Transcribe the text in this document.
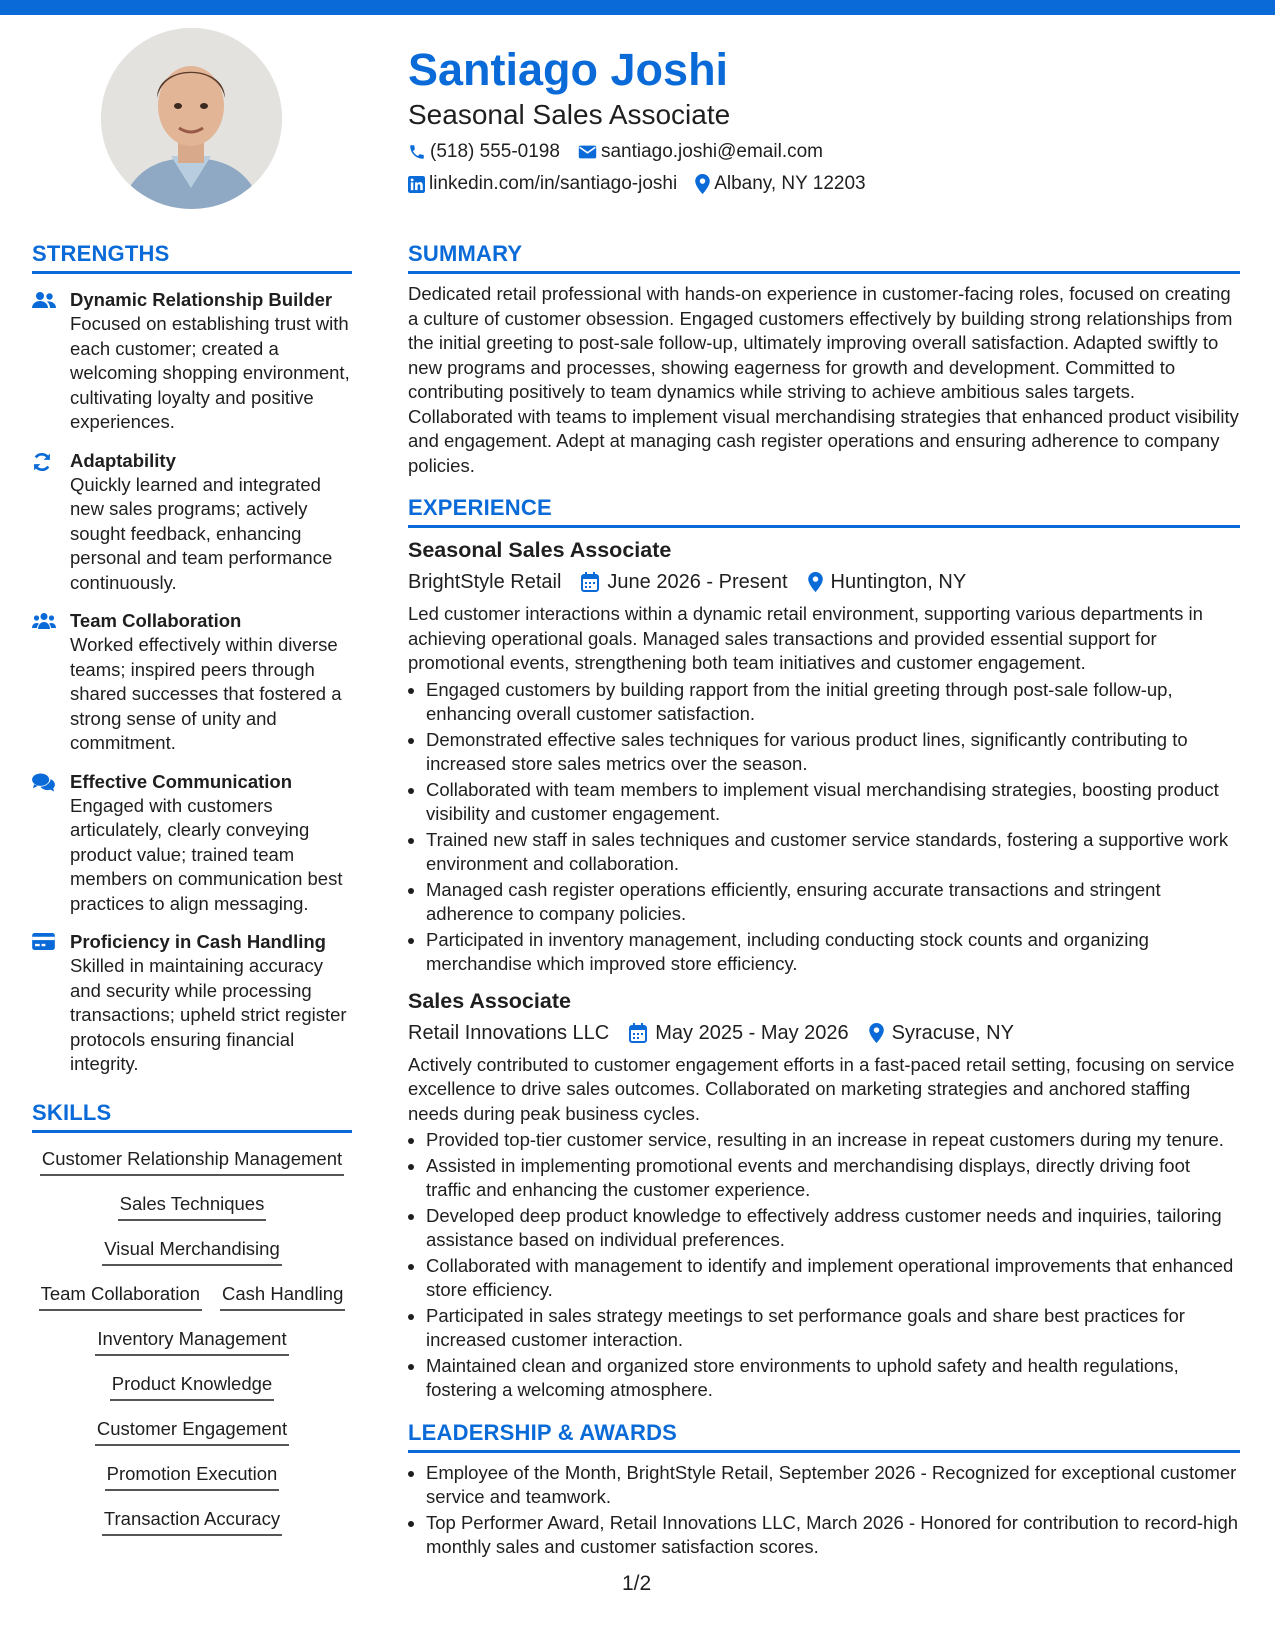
Santiago Joshi
Seasonal Sales Associate
(518) 555-0198 santiago.joshi@email.com
linkedin.com/in/santiago-joshi Albany, NY 12203
STRENGTHS
Dynamic Relationship Builder
Focused on establishing trust with each customer; created a welcoming shopping environment, cultivating loyalty and positive experiences.
Adaptability
Quickly learned and integrated new sales programs; actively sought feedback, enhancing personal and team performance continuously.
Team Collaboration
Worked effectively within diverse teams; inspired peers through shared successes that fostered a strong sense of unity and commitment.
Effective Communication
Engaged with customers articulately, clearly conveying product value; trained team members on communication best practices to align messaging.
Proficiency in Cash Handling
Skilled in maintaining accuracy and security while processing transactions; upheld strict register protocols ensuring financial integrity.
SKILLS
Customer Relationship Management
Sales Techniques
Visual Merchandising
Team Collaboration Cash Handling
Inventory Management
Product Knowledge
Customer Engagement
Promotion Execution
Transaction Accuracy
SUMMARY
Dedicated retail professional with hands-on experience in customer-facing roles, focused on creating a culture of customer obsession. Engaged customers effectively by building strong relationships from the initial greeting to post-sale follow-up, ultimately improving overall satisfaction. Adapted swiftly to new programs and processes, showing eagerness for growth and development. Committed to contributing positively to team dynamics while striving to achieve ambitious sales targets. Collaborated with teams to implement visual merchandising strategies that enhanced product visibility and engagement. Adept at managing cash register operations and ensuring adherence to company policies.
EXPERIENCE
Seasonal Sales Associate
BrightStyle Retail June 2026 - Present Huntington, NY
Led customer interactions within a dynamic retail environment, supporting various departments in achieving operational goals. Managed sales transactions and provided essential support for promotional events, strengthening both team initiatives and customer engagement.
• Engaged customers by building rapport from the initial greeting through post-sale follow-up, enhancing overall customer satisfaction.
• Demonstrated effective sales techniques for various product lines, significantly contributing to increased store sales metrics over the season.
• Collaborated with team members to implement visual merchandising strategies, boosting product visibility and customer engagement.
• Trained new staff in sales techniques and customer service standards, fostering a supportive work environment and collaboration.
• Managed cash register operations efficiently, ensuring accurate transactions and stringent adherence to company policies.
• Participated in inventory management, including conducting stock counts and organizing merchandise which improved store efficiency.
Sales Associate
Retail Innovations LLC May 2025 - May 2026 Syracuse, NY
Actively contributed to customer engagement efforts in a fast-paced retail setting, focusing on service excellence to drive sales outcomes. Collaborated on marketing strategies and anchored staffing needs during peak business cycles.
• Provided top-tier customer service, resulting in an increase in repeat customers during my tenure.
• Assisted in implementing promotional events and merchandising displays, directly driving foot traffic and enhancing the customer experience.
• Developed deep product knowledge to effectively address customer needs and inquiries, tailoring assistance based on individual preferences.
• Collaborated with management to identify and implement operational improvements that enhanced store efficiency.
• Participated in sales strategy meetings to set performance goals and share best practices for increased customer interaction.
• Maintained clean and organized store environments to uphold safety and health regulations, fostering a welcoming atmosphere.
LEADERSHIP & AWARDS
• Employee of the Month, BrightStyle Retail, September 2026 - Recognized for exceptional customer service and teamwork.
• Top Performer Award, Retail Innovations LLC, March 2026 - Honored for contribution to record-high monthly sales and customer satisfaction scores.
1/2
